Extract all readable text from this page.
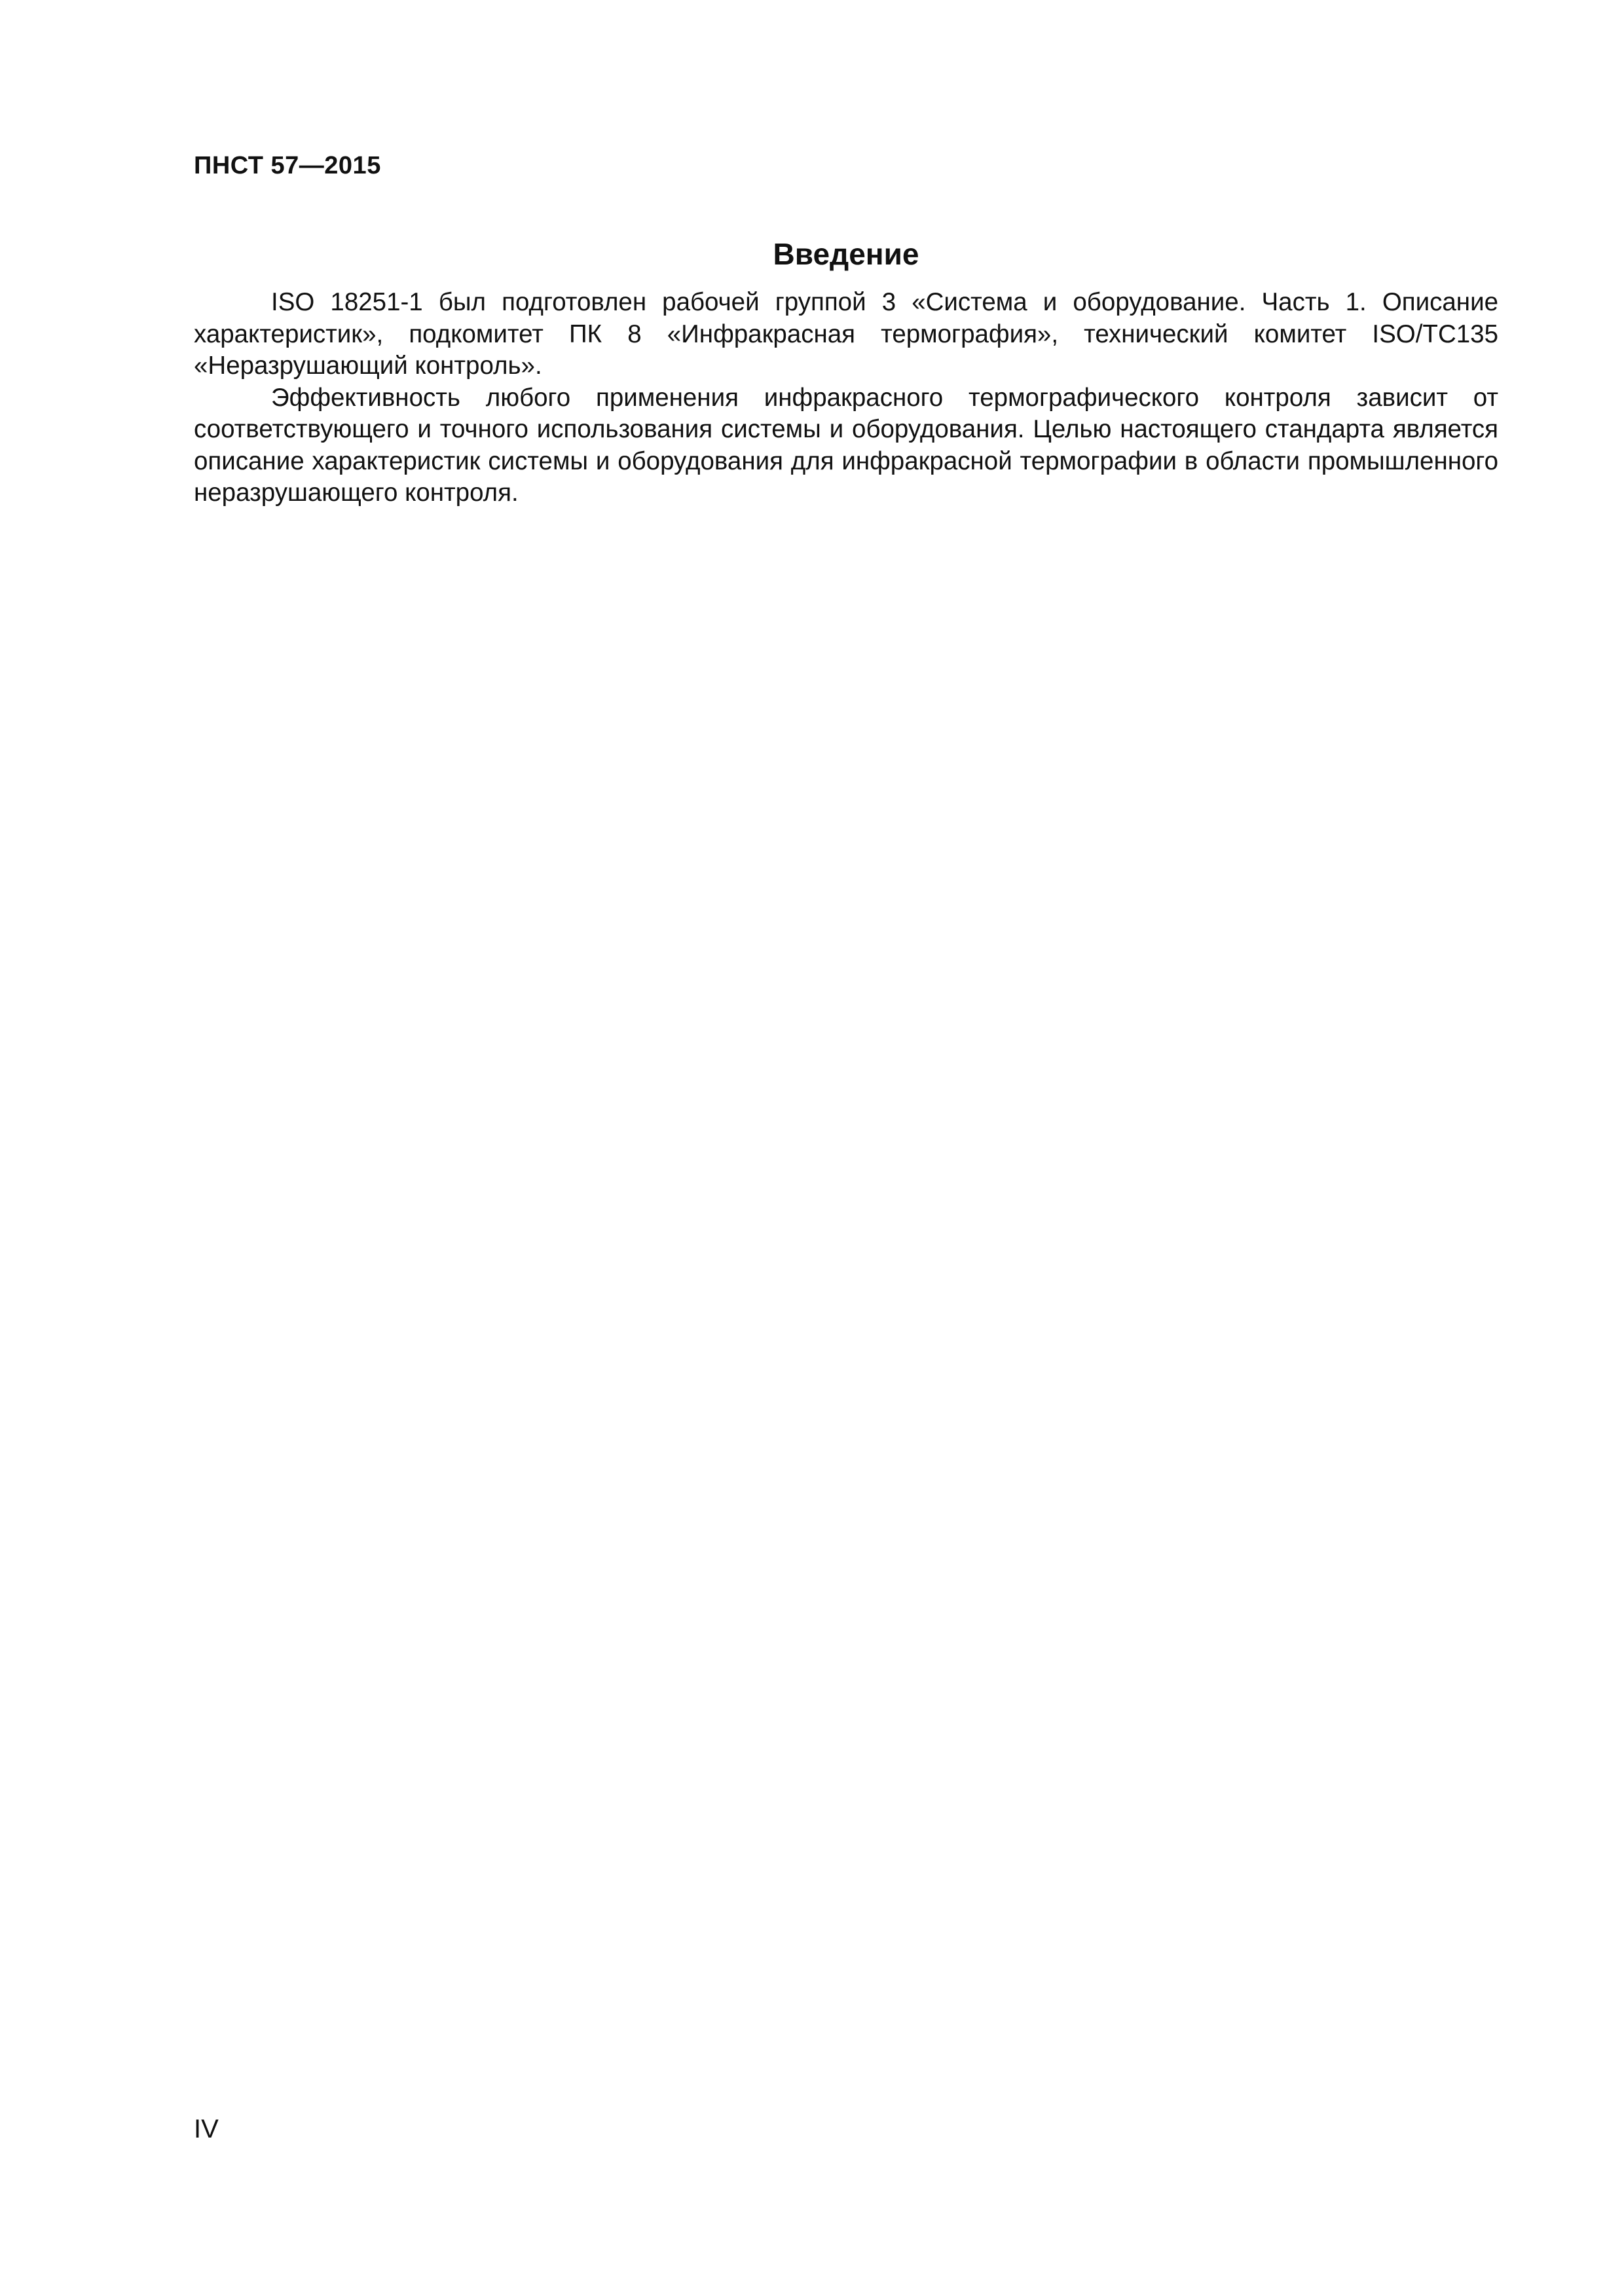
ПНСТ 57—2015
Введение

ISO 18251-1 был подготовлен рабочей группой 3 «Система и оборудование. Часть 1. Описание характеристик», подкомитет ПК 8 «Инфракрасная термография», технический комитет ISO/TC135 «Неразрушающий контроль».

Эффективность любого применения инфракрасного термографического контроля зависит от соответствующего и точного использования системы и оборудования. Целью настоящего стандарта является описание характеристик системы и оборудования для инфракрасной термографии в области промышленного неразрушающего контроля.

IV
